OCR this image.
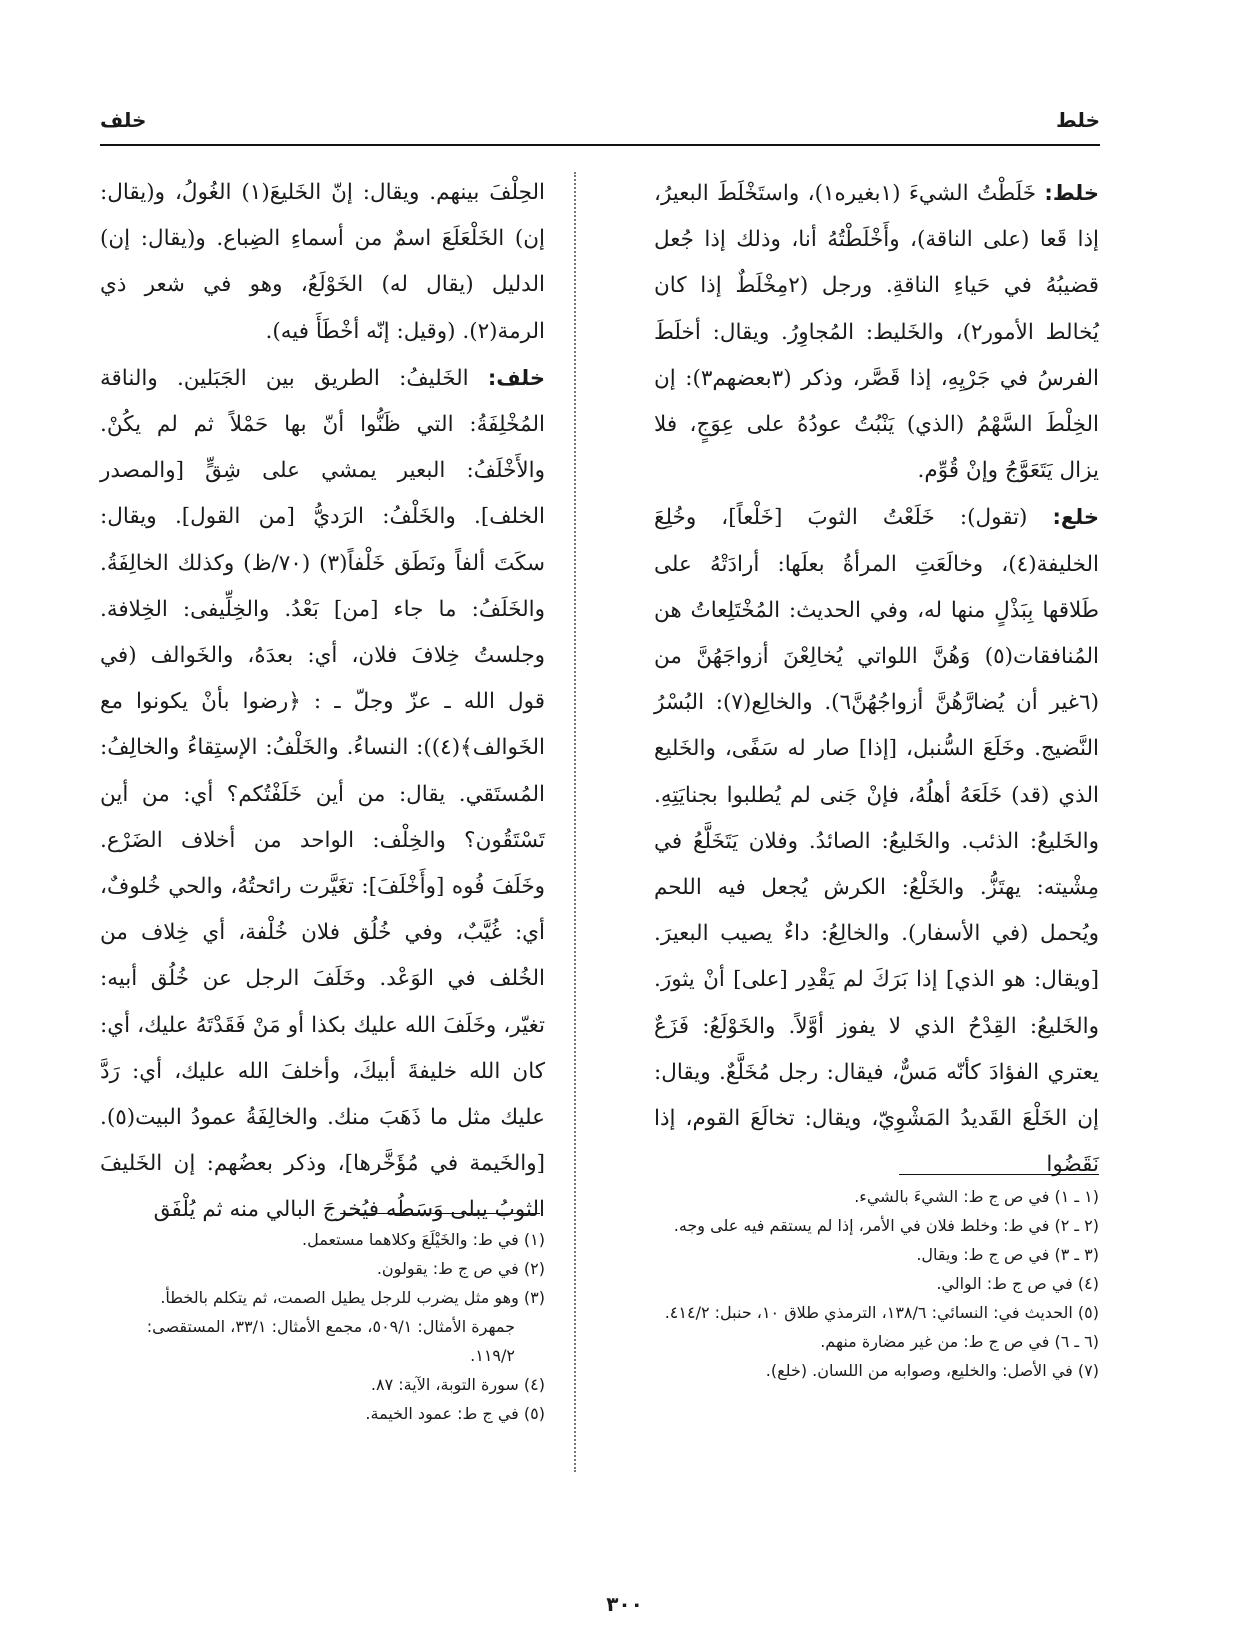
خلط
خلف

خلط: خَلَطْتُ الشيءَ (١بغيره١)، واستَخْلَطَ البعيرُ، إذا قَعا (على الناقة)، وأَخْلَطْتُهُ أنا، وذلك إذا جُعل قضيبُهُ في حَياءِ الناقةِ. ورجل (٢مِخْلَطٌ إذا كان يُخالط الأمور٢)، والخَليط: المُجاوِرُ. ويقال: أخلَطَ الفرسُ في جَرْيِهِ، إذا قَصَّر، وذكر (٣بعضهم٣): إن الخِلْطَ السَّهْمُ (الذي) يَنْبُتُ عودُهُ على عِوَجٍ، فلا يزال يَتَعَوَّجُ وإنْ قُوِّم.

خلع: (تقول): خَلَعْتُ الثوبَ [خَلْعاً]، وخُلِعَ الخليفة(٤)، وخالَعَتِ المرأةُ بعلَها: أرادَتْهُ على طَلاقها بِبَذْلٍ منها له، وفي الحديث: المُخْتَلِعاتُ هن المُنافقات(٥) وَهُنَّ اللواتي يُخالِعْنَ أزواجَهُنَّ من (٦غير أن يُضارَّهُنَّ أزواجُهُنَّ٦). والخالِع(٧): البُسْرُ النَّضيج. وخَلَعَ السُّنبل، [إذا] صار له سَفًى، والخَليع الذي (قد) خَلَعَهُ أهلُهُ، فإنْ جَنى لم يُطلبوا بجنايَتِهِ. والخَليعُ: الذئب. والخَليعُ: الصائدُ. وفلان يَتَخَلَّعُ في مِشْيته: يهتَزُّ. والخَلْعُ: الكرش يُجعل فيه اللحم ويُحمل (في الأسفار). والخالِعُ: داءٌ يصيب البعيرَ. [ويقال: هو الذي] إذا بَرَكَ لم يَقْدِر [على] أنْ يثورَ. والخَليعُ: القِدْحُ الذي لا يفوز أوَّلاً. والخَوْلَعُ: فَزَعٌ يعتري الفؤادَ كأنّه مَسٌّ، فيقال: رجل مُخَلَّعٌ. ويقال: إن الخَلْعَ القَديدُ المَشْوِيّ، ويقال: تخالَعَ القوم، إذا نَقَضُوا

الحِلْفَ بينهم. ويقال: إنّ الخَليعَ(١) الغُولُ، و(يقال: إن) الخَلْعَلَعَ اسمٌ من أسماءِ الضِباع. و(يقال: إن) الدليل (يقال له) الخَوْلَعُ، وهو في شعر ذي الرمة(٢). (وقيل: إنّه أخْطَأَ فيه).

خلف: الخَليفُ: الطريق بين الجَبَلين. والناقة المُخْلِفَةُ: التي ظَنُّوا أنّ بها حَمْلاً ثم لم يكُنْ. والأَخْلَفُ: البعير يمشي على شِقٍّ [والمصدر الخلف]. والخَلْفُ: الرَديُّ [من القول]. ويقال: سكَتَ ألفاً ونَطَق خَلْفاً(٣) (٧٠/ظ) وكذلك الخالِفَةُ. والخَلَفُ: ما جاء [من] بَعْدُ. والخِلِّيفى: الخِلافة. وجلستُ خِلافَ فلان، أي: بعدَهُ، والخَوالف (في قول الله ـ عزّ وجلّ ـ : ﴿رضوا بأنْ يكونوا مع الخَوالف﴾(٤)): النساءُ. والخَلْفُ: الإستِقاءُ والخالِفُ: المُستَقي. يقال: من أين خَلَفْتُكم؟ أي: من أين تَسْتَقُون؟ والخِلْف: الواحد من أخلاف الضَرْع. وخَلَفَ فُوه [وأَخْلَفَ]: تغَيَّرت رائحتُهُ، والحي خُلوفٌ، أي: غُيَّبٌ، وفي خُلُق فلان خُلْفة، أي خِلاف من الخُلف في الوَعْد. وخَلَفَ الرجل عن خُلُق أبيه: تغيّر، وخَلَفَ الله عليك بكذا أو مَنْ فَقَدْتَهُ عليك، أي: كان الله خليفةَ أبيكَ، وأخلفَ الله عليك، أي: رَدَّ عليك مثل ما ذَهَبَ منك. والخالِفَةُ عمودُ البيت(٥). [والخَيمة في مُؤَخَّرها]، وذكر بعضُهم: إن الخَليفَ الثوبُ يبلى وَسَطُه فيُخرجَ البالي منه ثم يُلْفَق

(١ ـ ١) في ص ج ط: الشيءَ بالشيء.

(٢ ـ ٢) في ط: وخلط فلان في الأمر، إذا لم يستقم فيه على وجه.

(٣ ـ ٣) في ص ج ط: ويقال.

(٤) في ص ج ط: الوالي.

(٥) الحديث في: النسائي: ١٣٨/٦، الترمذي طلاق ١٠، حنبل: ٤١٤/٢.

(٦ ـ ٦) في ص ج ط: من غير مضارة منهم.

(٧) في الأصل: والخليع، وصوابه من اللسان. (خلع).

(١) في ط: والخَيْلَعَ وكلاهما مستعمل.

(٢) في ص ج ط: يقولون.

(٣) وهو مثل يضرب للرجل يطيل الصمت، ثم يتكلم بالخطأ.

جمهرة الأمثال: ٥٠٩/١، مجمع الأمثال: ٣٣/١، المستقصى: ١١٩/٢.

(٤) سورة التوبة، الآية: ٨٧.

(٥) في ج ط: عمود الخيمة.

٣٠٠
